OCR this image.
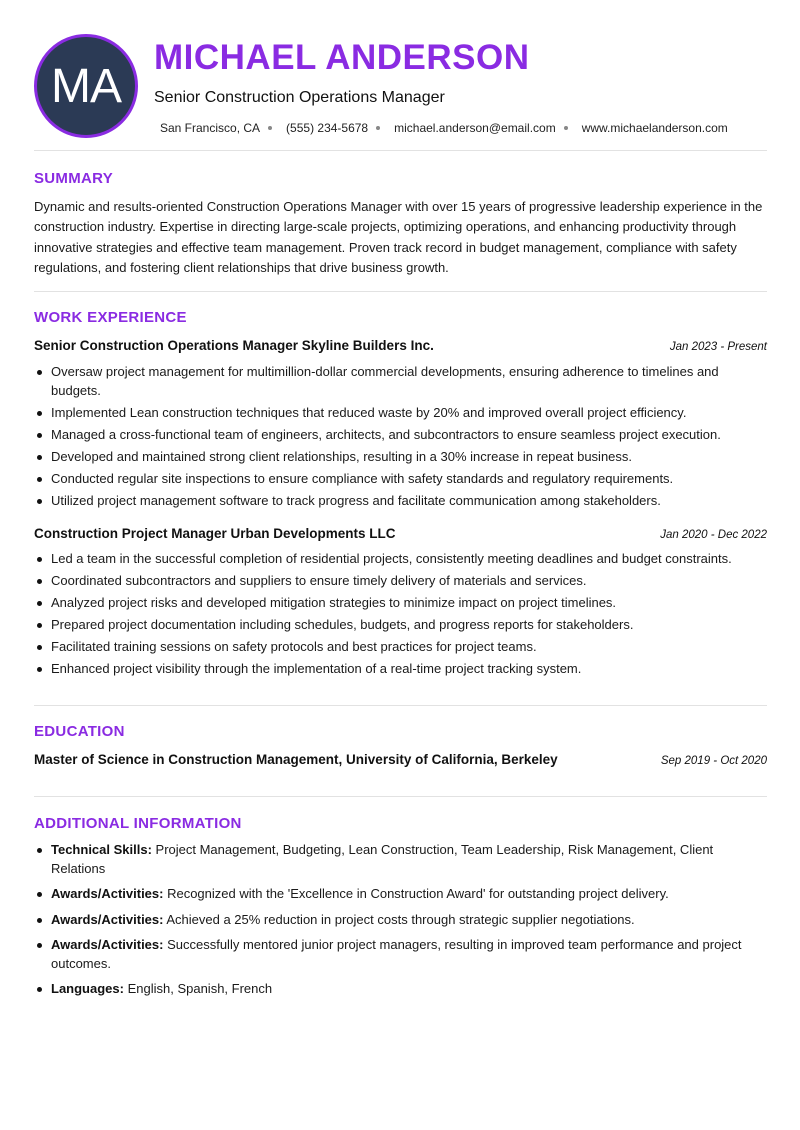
MA
MICHAEL ANDERSON
Senior Construction Operations Manager
San Francisco, CA (555) 234-5678 michael.anderson@email.com www.michaelanderson.com
SUMMARY
Dynamic and results-oriented Construction Operations Manager with over 15 years of progressive leadership experience in the construction industry. Expertise in directing large-scale projects, optimizing operations, and enhancing productivity through innovative strategies and effective team management. Proven track record in budget management, compliance with safety regulations, and fostering client relationships that drive business growth.
WORK EXPERIENCE
Senior Construction Operations Manager Skyline Builders Inc.	Jan 2023 - Present
Oversaw project management for multimillion-dollar commercial developments, ensuring adherence to timelines and budgets.
Implemented Lean construction techniques that reduced waste by 20% and improved overall project efficiency.
Managed a cross-functional team of engineers, architects, and subcontractors to ensure seamless project execution.
Developed and maintained strong client relationships, resulting in a 30% increase in repeat business.
Conducted regular site inspections to ensure compliance with safety standards and regulatory requirements.
Utilized project management software to track progress and facilitate communication among stakeholders.
Construction Project Manager Urban Developments LLC	Jan 2020 - Dec 2022
Led a team in the successful completion of residential projects, consistently meeting deadlines and budget constraints.
Coordinated subcontractors and suppliers to ensure timely delivery of materials and services.
Analyzed project risks and developed mitigation strategies to minimize impact on project timelines.
Prepared project documentation including schedules, budgets, and progress reports for stakeholders.
Facilitated training sessions on safety protocols and best practices for project teams.
Enhanced project visibility through the implementation of a real-time project tracking system.
EDUCATION
Master of Science in Construction Management, University of California, Berkeley	Sep 2019 - Oct 2020
ADDITIONAL INFORMATION
Technical Skills: Project Management, Budgeting, Lean Construction, Team Leadership, Risk Management, Client Relations
Awards/Activities: Recognized with the 'Excellence in Construction Award' for outstanding project delivery.
Awards/Activities: Achieved a 25% reduction in project costs through strategic supplier negotiations.
Awards/Activities: Successfully mentored junior project managers, resulting in improved team performance and project outcomes.
Languages: English, Spanish, French
